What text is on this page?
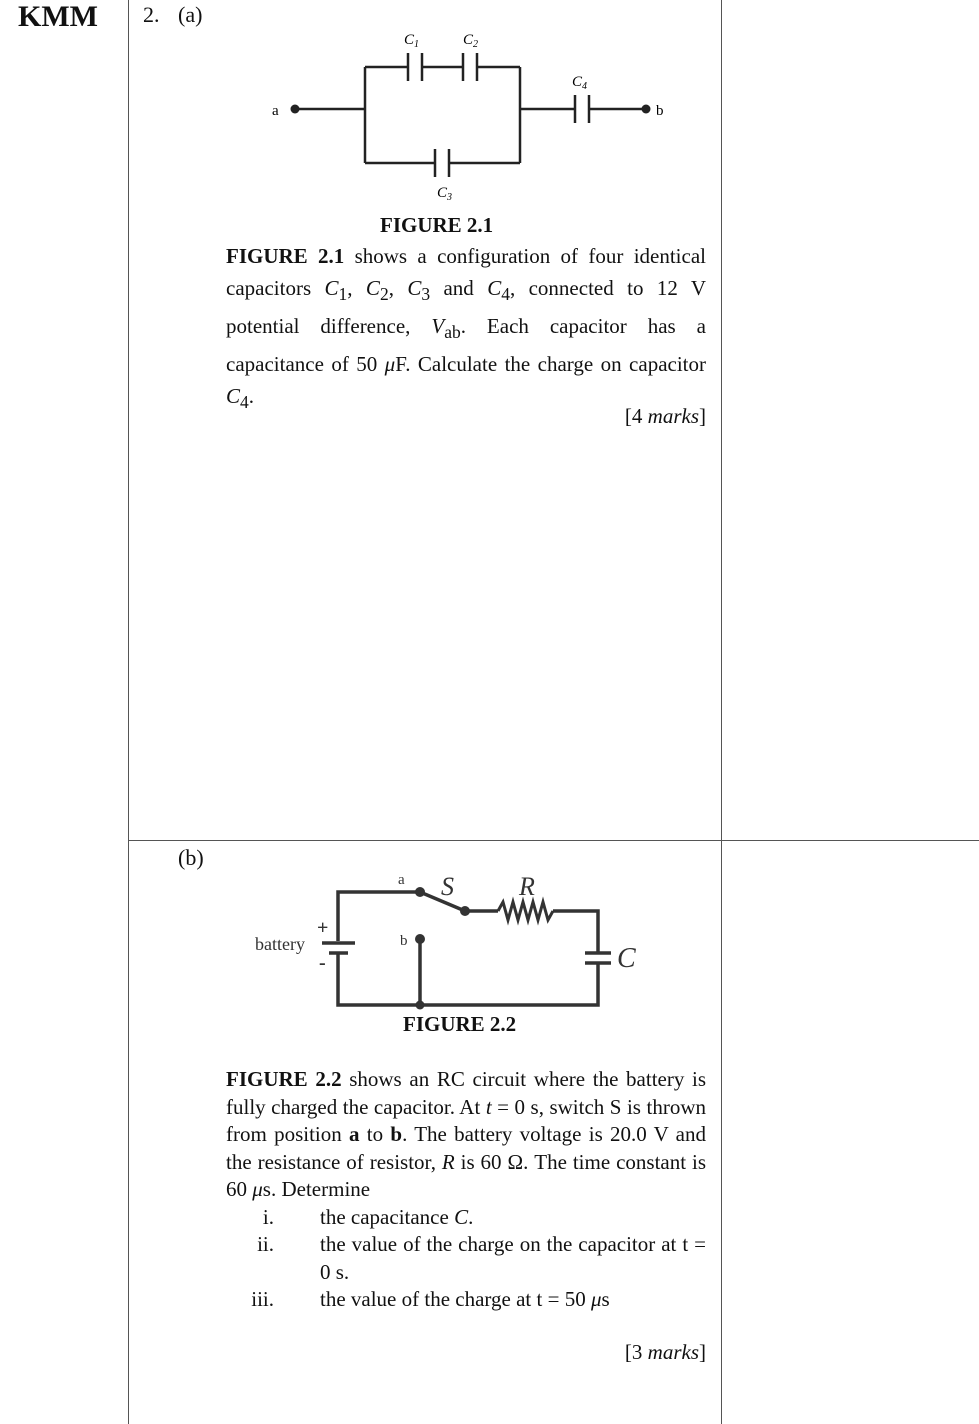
KMM 2. (a)
a	b
$C_1$	$C_2$
$C_4$
$C_3$
FIGURE 2.1
FIGURE 2.1 shows a configuration of four identical capacitors $C_1$, $C_2$, $C_3$ and $C_4$, connected to 12 V potential difference, $V_{ab}$. Each capacitor has a capacitance of 50 μF. Calculate the charge on capacitor $C_4$.
[4 marks]
(b)
battery
+
-
a
b
S	R
C
FIGURE 2.2
FIGURE 2.2 shows an RC circuit where the battery is fully charged the capacitor. At t = 0 s, switch S is thrown from position a to b. The battery voltage is 20.0 V and the resistance of resistor, R is 60 Ω. The time constant is 60 μs. Determine
i. the capacitance C.
ii. the value of the charge on the capacitor at t = 0 s.
iii. the value of the charge at t = 50 μs
[3 marks]
